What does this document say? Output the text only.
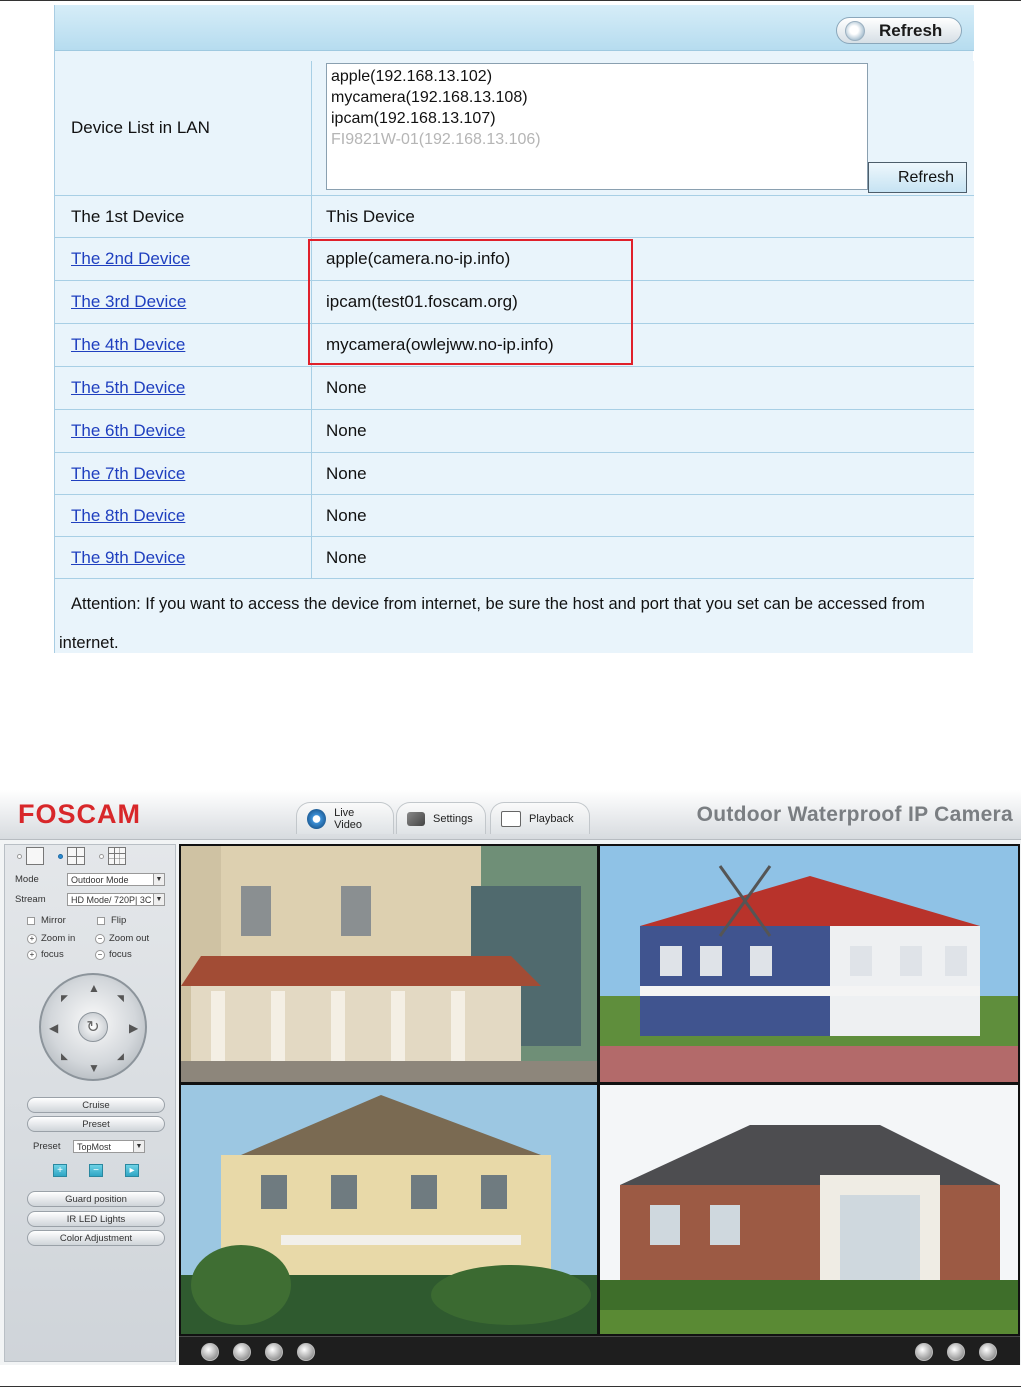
Refresh
Device List in LAN
apple(192.168.13.102)
mycamera(192.168.13.108)
ipcam(192.168.13.107)
FI9821W-01(192.168.13.106)
Refresh
The 1st Device	This Device
The 2nd Device	apple(camera.no-ip.info)
The 3rd Device	ipcam(test01.foscam.org)
The 4th Device	mycamera(owlejww.no-ip.info)
The 5th Device	None
The 6th Device	None
The 7th Device	None
The 8th Device	None
The 9th Device	None
Attention: If you want to access the device from internet, be sure the host and port that you set can be accessed from
internet.
FOSCAM	Live Video	Settings	Playback	Outdoor Waterproof IP Camera
Mode	Outdoor Mode	▼
Stream	HD Mode/ 720P| 3C ▼
Mirror	Flip
+ Zoom in	− Zoom out
+ focus	− focus
▲
▼
◀	▶
◤	◥
◣	◢
↻
Cruise
Preset
Preset	TopMost	▼
+	−	▸
Guard position
IR LED Lights
Color Adjustment
